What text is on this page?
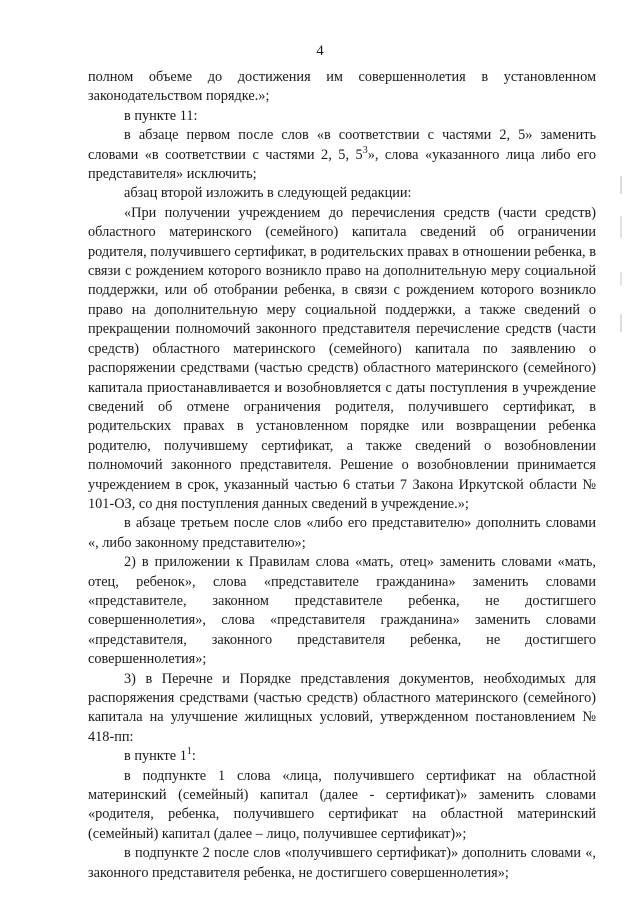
4

полном объеме до достижения им совершеннолетия в установленном законодательством порядке.»;

в пункте 11:

в абзаце первом после слов «в соответствии с частями 2, 5» заменить словами «в соответствии с частями 2, 5, $5^3$», слова «указанного лица либо его представителя» исключить;

абзац второй изложить в следующей редакции:

«При получении учреждением до перечисления средств (части средств) областного материнского (семейного) капитала сведений об ограничении родителя, получившего сертификат, в родительских правах в отношении ребенка, в связи с рождением которого возникло право на дополнительную меру социальной поддержки, или об отобрании ребенка, в связи с рождением которого возникло право на дополнительную меру социальной поддержки, а также сведений о прекращении полномочий законного представителя перечисление средств (части средств) областного материнского (семейного) капитала по заявлению о распоряжении средствами (частью средств) областного материнского (семейного) капитала приостанавливается и возобновляется с даты поступления в учреждение сведений об отмене ограничения родителя, получившего сертификат, в родительских правах в установленном порядке или возвращении ребенка родителю, получившему сертификат, а также сведений о возобновлении полномочий законного представителя. Решение о возобновлении принимается учреждением в срок, указанный частью 6 статьи 7 Закона Иркутской области № 101-ОЗ, со дня поступления данных сведений в учреждение.»;

в абзаце третьем после слов «либо его представителю» дополнить словами «, либо законному представителю»;

2) в приложении к Правилам слова «мать, отец» заменить словами «мать, отец, ребенок», слова «представителе гражданина» заменить словами «представителе, законном представителе ребенка, не достигшего совершеннолетия», слова «представителя гражданина» заменить словами «представителя, законного представителя ребенка, не достигшего совершеннолетия»;

3) в Перечне и Порядке представления документов, необходимых для распоряжения средствами (частью средств) областного материнского (семейного) капитала на улучшение жилищных условий, утвержденном постановлением № 418-пп:

в пункте $1^1$:

в подпункте 1 слова «лица, получившего сертификат на областной материнский (семейный) капитал (далее - сертификат)» заменить словами «родителя, ребенка, получившего сертификат на областной материнский (семейный) капитал (далее – лицо, получившее сертификат)»;

в подпункте 2 после слов «получившего сертификат)» дополнить словами «, законного представителя ребенка, не достигшего совершеннолетия»;
